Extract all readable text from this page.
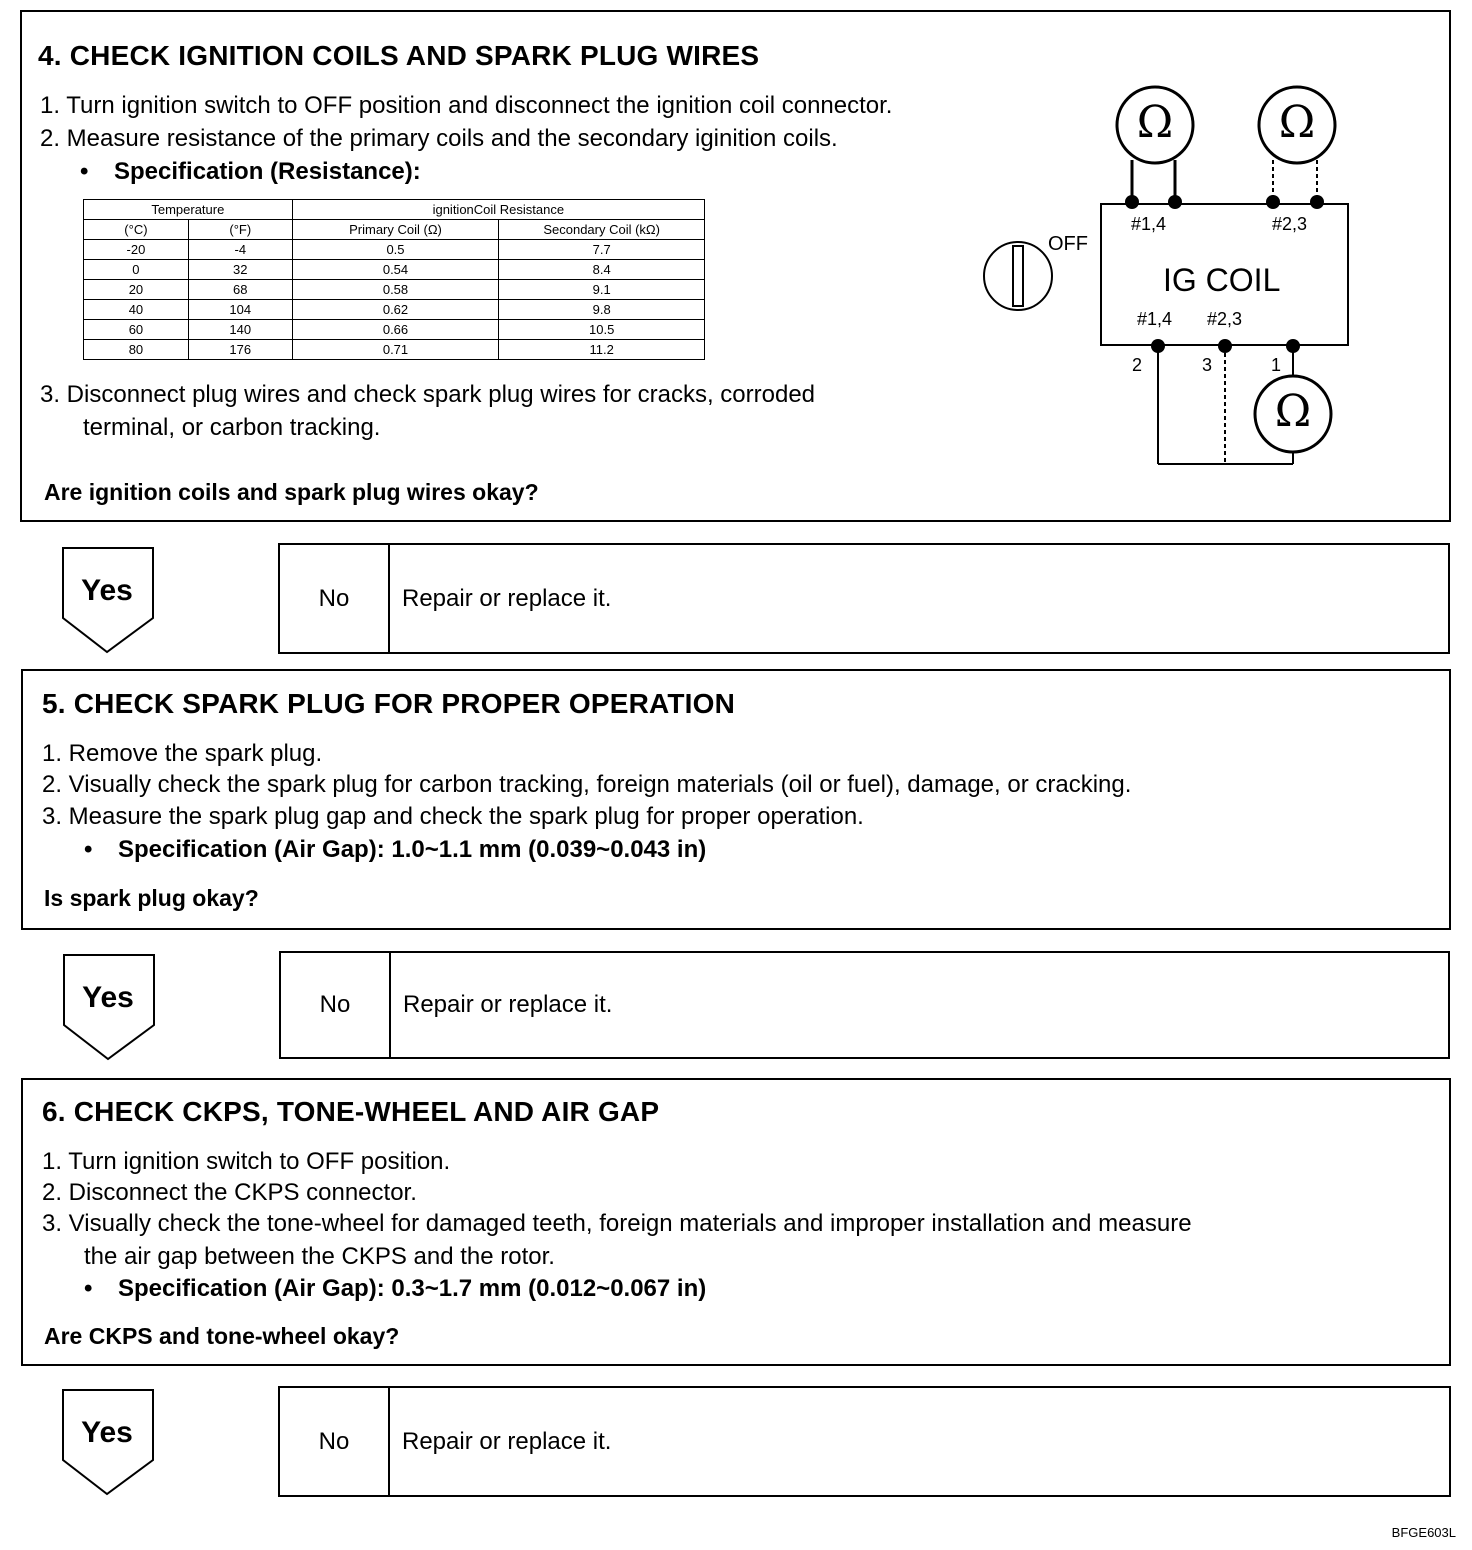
4. CHECK IGNITION COILS AND SPARK PLUG WIRES
1. Turn ignition switch to OFF position and disconnect the ignition coil connector.
2. Measure resistance of the primary coils and the secondary iginition coils.
• Specification (Resistance):
Temperature		ignitionCoil Resistance	
(°C)	(°F)	Primary Coil (Ω)	Secondary Coil (kΩ)
-20	-4	0.5	7.7
0	32	0.54	8.4
20	68	0.58	9.1
40	104	0.62	9.8
60	140	0.66	10.5
80	176	0.71	11.2
3. Disconnect plug wires and check spark plug wires for cracks, corroded
terminal, or carbon tracking.
Are ignition coils and spark plug wires okay?
Ω Ω
Ω
OFF
IG COIL
#1,4	#2,3
#1,4 #2,3
2	3	1
Yes	No	Repair or replace it.
5. CHECK SPARK PLUG FOR PROPER OPERATION
1. Remove the spark plug.
2. Visually check the spark plug for carbon tracking, foreign materials (oil or fuel), damage, or cracking.
3. Measure the spark plug gap and check the spark plug for proper operation.
• Specification (Air Gap): 1.0~1.1 mm (0.039~0.043 in)
Is spark plug okay?
Yes	No	Repair or replace it.
6. CHECK CKPS, TONE-WHEEL AND AIR GAP
1. Turn ignition switch to OFF position.
2. Disconnect the CKPS connector.
3. Visually check the tone-wheel for damaged teeth, foreign materials and improper installation and measure
the air gap between the CKPS and the rotor.
• Specification (Air Gap): 0.3~1.7 mm (0.012~0.067 in)
Are CKPS and tone-wheel okay?
Yes	No	Repair or replace it.
BFGE603L
